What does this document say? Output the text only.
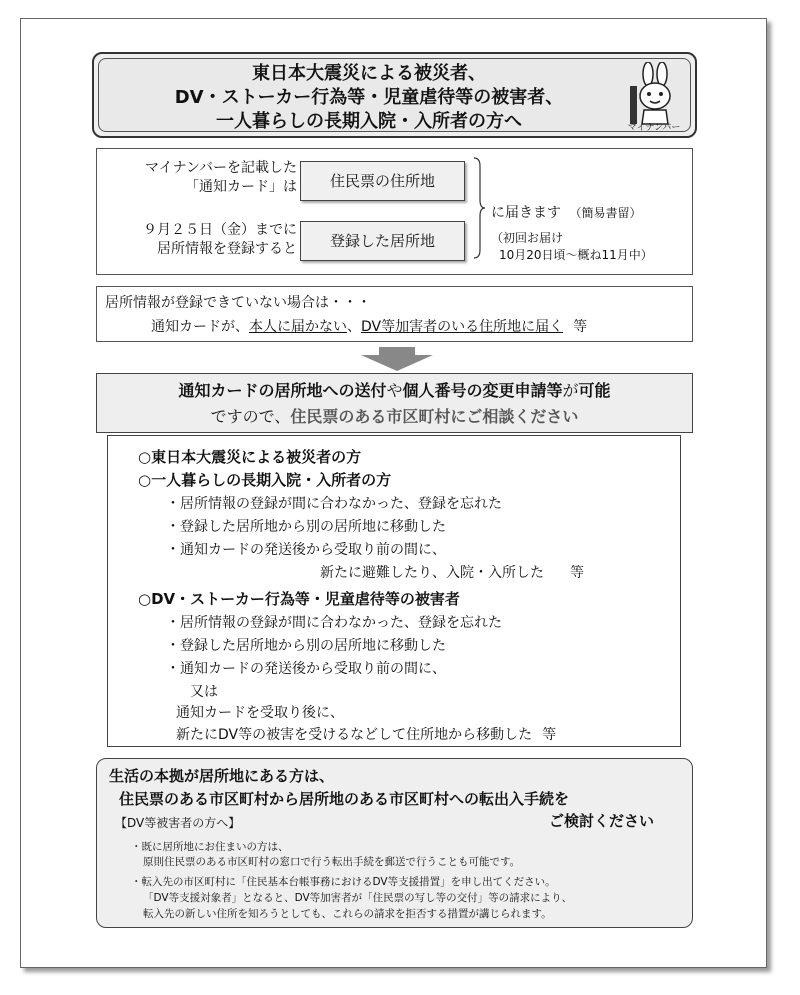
東日本大震災による被災者、
DV・ストーカー行為等・児童虐待等の被害者、
一人暮らしの長期入院・入所者の方へ	マイナンバー
マイナンバーを記載した
「通知カード」は	住民票の住所地
９月２５日（金）までに
居所情報を登録すると	登録した居所地
に届きます （簡易書留）
（初回お届け
10月20日頃～概ね11月中）
居所情報が登録できていない場合は・・・
通知カードが、本人に届かない、DV等加害者のいる住所地に届く 等
通知カードの居所地への送付や個人番号の変更申請等が可能
ですので、住民票のある市区町村にご相談ください
○東日本大震災による被災者の方
○一人暮らしの長期入院・入所者の方
・居所情報の登録が間に合わなかった、登録を忘れた
・登録した居所地から別の居所地に移動した
・通知カードの発送後から受取り前の間に、
新たに避難したり、入院・入所した 等
○DV・ストーカー行為等・児童虐待等の被害者
・居所情報の登録が間に合わなかった、登録を忘れた
・登録した居所地から別の居所地に移動した
・通知カードの発送後から受取り前の間に、
又は
通知カードを受取り後に、
新たにDV等の被害を受けるなどして住所地から移動した 等
生活の本拠が居所地にある方は、
住民票のある市区町村から居所地のある市区町村への転出入手続を
ご検討ください
【DV等被害者の方へ】
・既に居所地にお住まいの方は、
原則住民票のある市区町村の窓口で行う転出手続を郵送で行うことも可能です。
・転入先の市区町村に「住民基本台帳事務におけるDV等支援措置」を申し出てください。
「DV等支援対象者」となると、DV等加害者が「住民票の写し等の交付」等の請求により、
転入先の新しい住所を知ろうとしても、これらの請求を拒否する措置が講じられます。
